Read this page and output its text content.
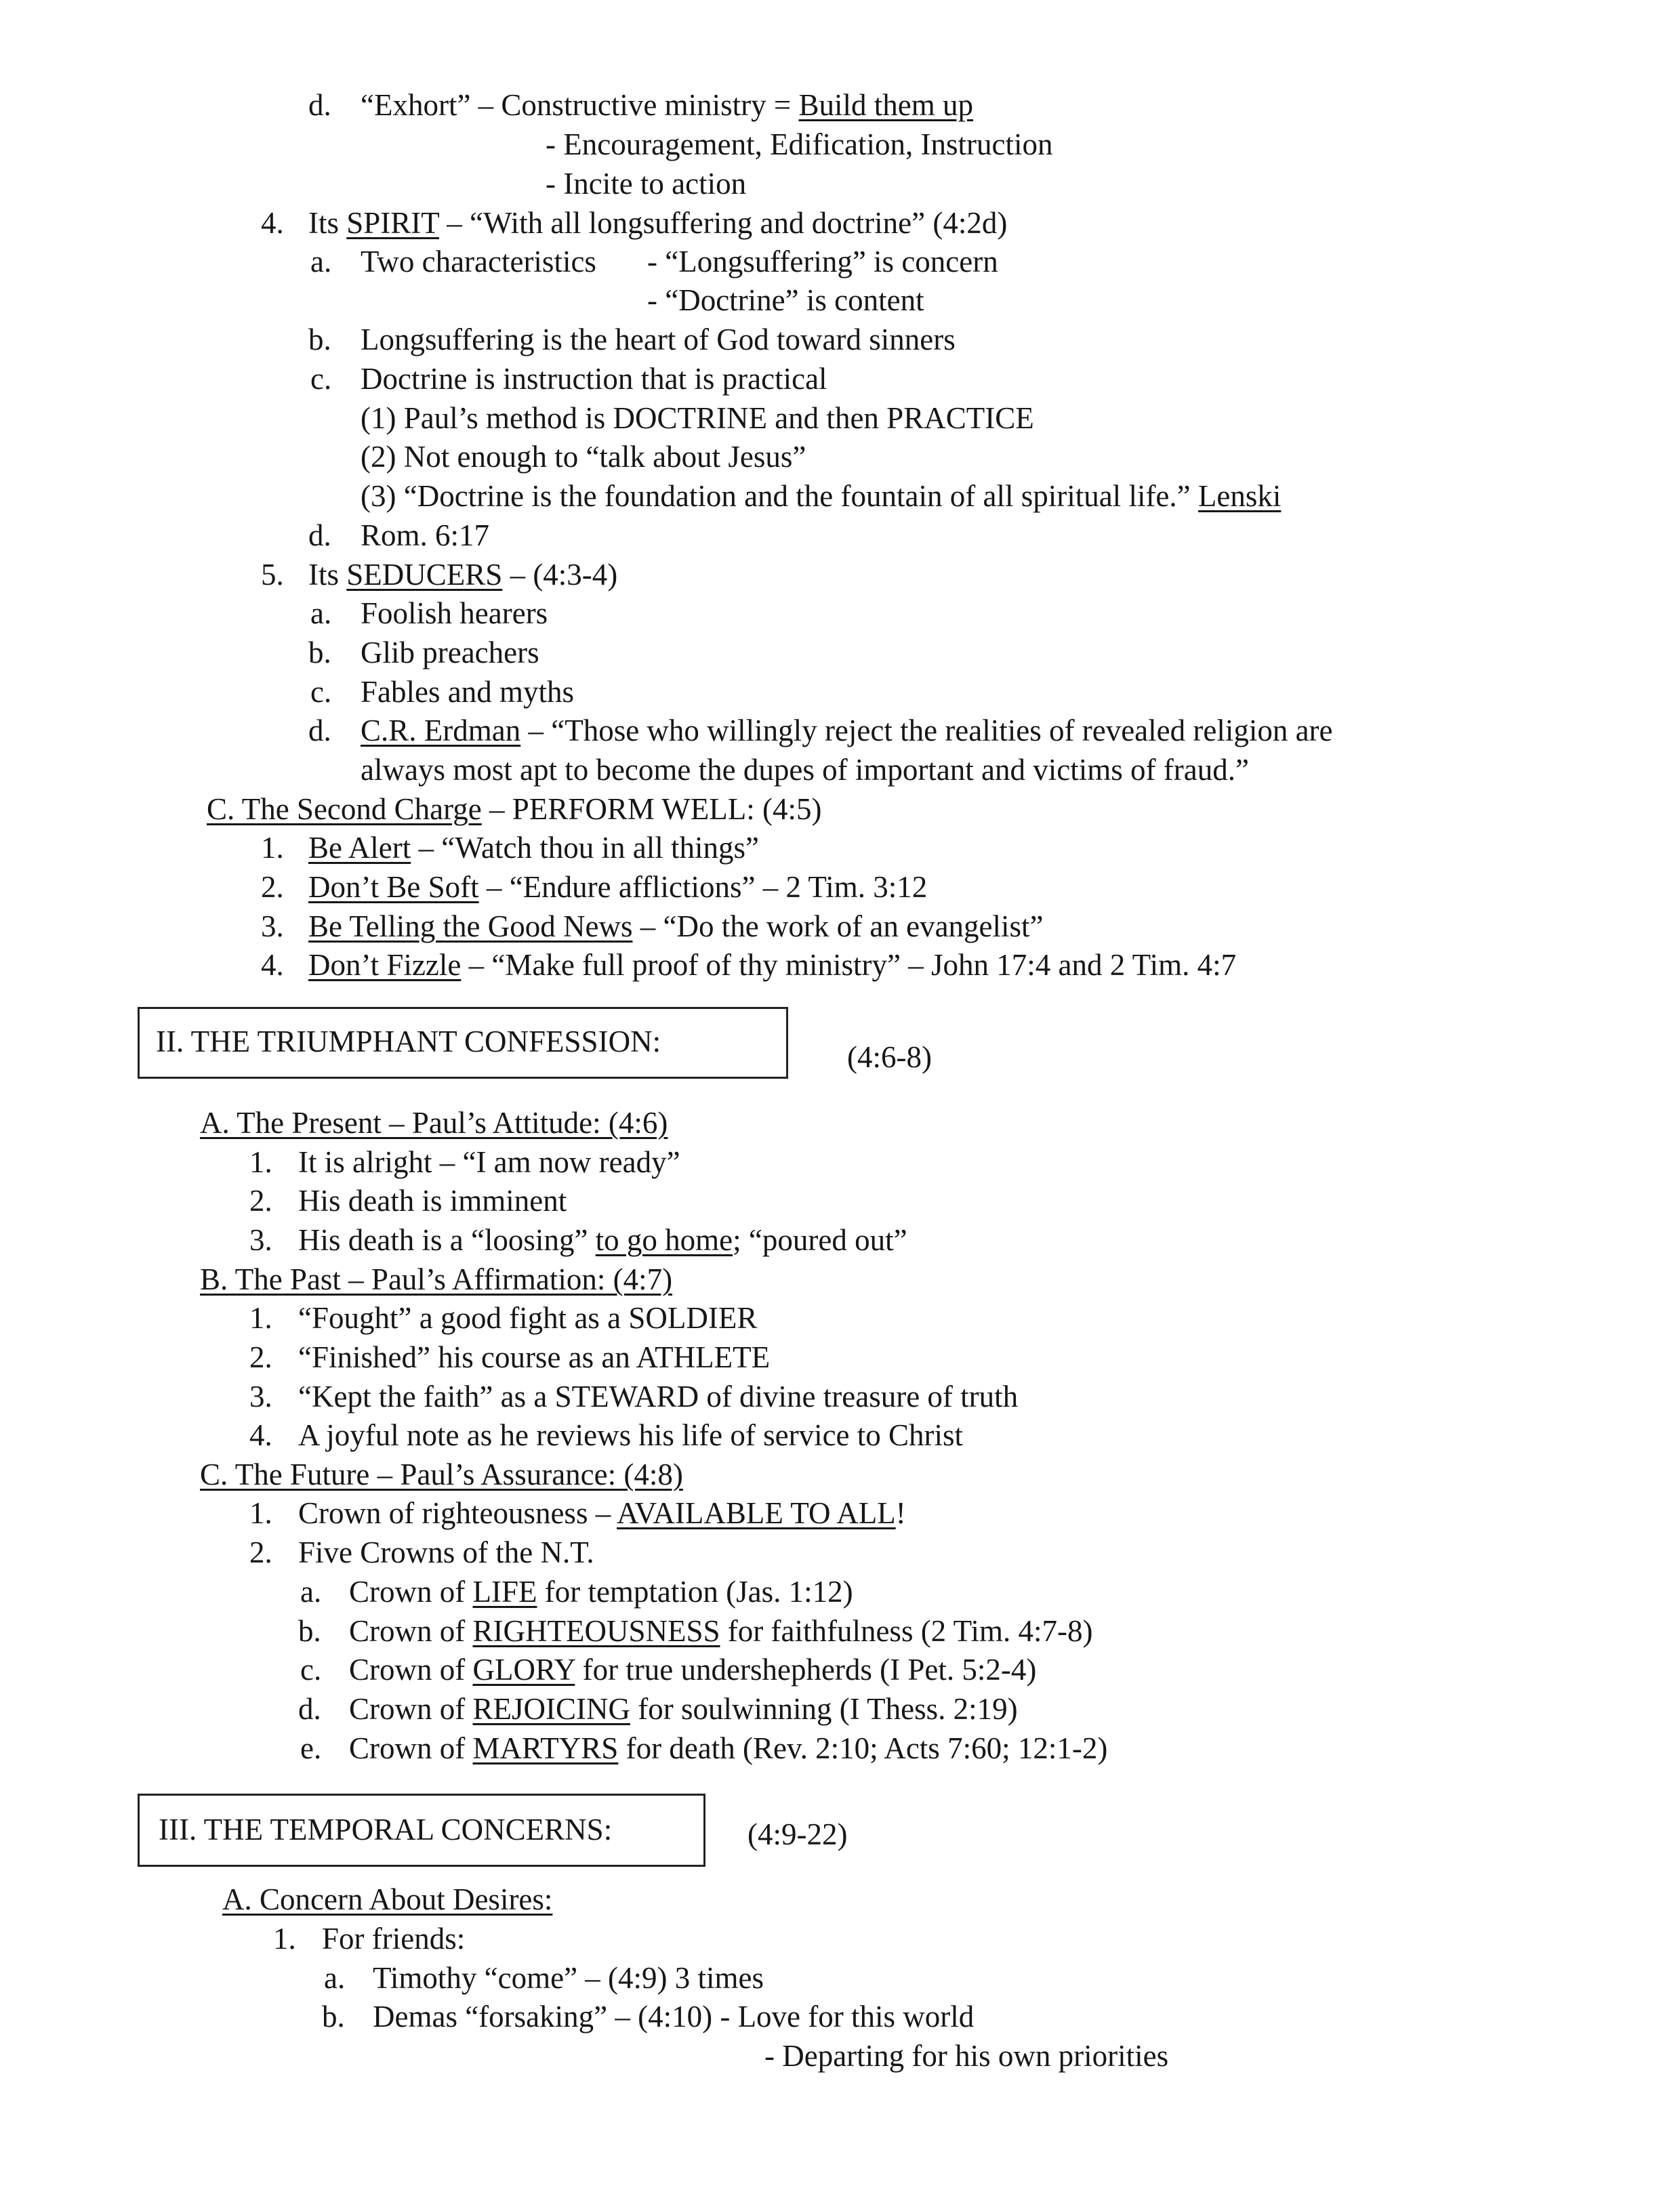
d. “Exhort” – Constructive ministry = Build them up
- Encouragement, Edification, Instruction
- Incite to action
4. Its SPIRIT – “With all longsuffering and doctrine” (4:2d)
a. Two characteristics - “Longsuffering” is concern
- “Doctrine” is content
b. Longsuffering is the heart of God toward sinners
c. Doctrine is instruction that is practical
(1) Paul’s method is DOCTRINE and then PRACTICE
(2) Not enough to “talk about Jesus”
(3) “Doctrine is the foundation and the fountain of all spiritual life.” Lenski
d. Rom. 6:17
5. Its SEDUCERS – (4:3-4)
a. Foolish hearers
b. Glib preachers
c. Fables and myths
d. C.R. Erdman – “Those who willingly reject the realities of revealed religion are
always most apt to become the dupes of important and victims of fraud.”
C. The Second Charge – PERFORM WELL: (4:5)
1. Be Alert – “Watch thou in all things”
2. Don’t Be Soft – “Endure afflictions” – 2 Tim. 3:12
3. Be Telling the Good News – “Do the work of an evangelist”
4. Don’t Fizzle – “Make full proof of thy ministry” – John 17:4 and 2 Tim. 4:7
II. THE TRIUMPHANT CONFESSION:	(4:6-8)
A. The Present – Paul’s Attitude: (4:6)
1. It is alright – “I am now ready”
2. His death is imminent
3. His death is a “loosing” to go home; “poured out”
B. The Past – Paul’s Affirmation: (4:7)
1. “Fought” a good fight as a SOLDIER
2. “Finished” his course as an ATHLETE
3. “Kept the faith” as a STEWARD of divine treasure of truth
4. A joyful note as he reviews his life of service to Christ
C. The Future – Paul’s Assurance: (4:8)
1. Crown of righteousness – AVAILABLE TO ALL!
2. Five Crowns of the N.T.
a. Crown of LIFE for temptation (Jas. 1:12)
b. Crown of RIGHTEOUSNESS for faithfulness (2 Tim. 4:7-8)
c. Crown of GLORY for true undershepherds (I Pet. 5:2-4)
d. Crown of REJOICING for soulwinning (I Thess. 2:19)
e. Crown of MARTYRS for death (Rev. 2:10; Acts 7:60; 12:1-2)
III. THE TEMPORAL CONCERNS:	(4:9-22)
A. Concern About Desires:
1. For friends:
a. Timothy “come” – (4:9) 3 times
b. Demas “forsaking” – (4:10) - Love for this world
- Departing for his own priorities
